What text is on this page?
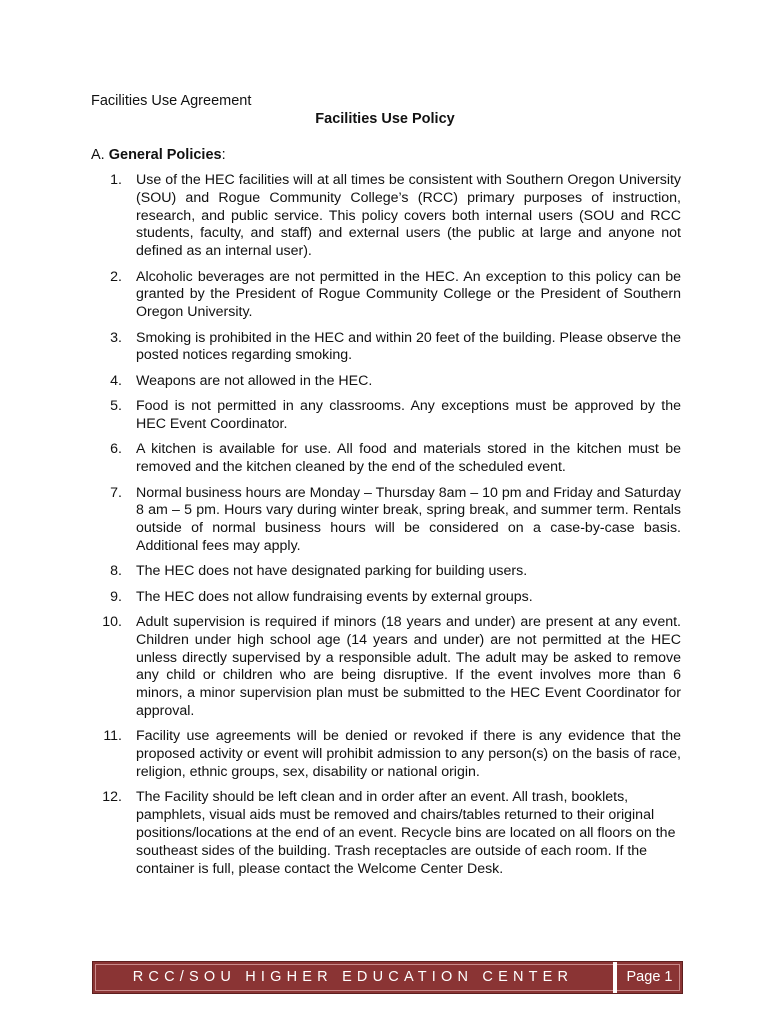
Facilities Use Agreement
Facilities Use Policy
A. General Policies:
1. Use of the HEC facilities will at all times be consistent with Southern Oregon University (SOU) and Rogue Community College’s (RCC) primary purposes of instruction, research, and public service. This policy covers both internal users (SOU and RCC students, faculty, and staff) and external users (the public at large and anyone not defined as an internal user).
2. Alcoholic beverages are not permitted in the HEC. An exception to this policy can be granted by the President of Rogue Community College or the President of Southern Oregon University.
3. Smoking is prohibited in the HEC and within 20 feet of the building. Please observe the posted notices regarding smoking.
4. Weapons are not allowed in the HEC.
5. Food is not permitted in any classrooms. Any exceptions must be approved by the HEC Event Coordinator.
6. A kitchen is available for use. All food and materials stored in the kitchen must be removed and the kitchen cleaned by the end of the scheduled event.
7. Normal business hours are Monday – Thursday 8am – 10 pm and Friday and Saturday 8 am – 5 pm. Hours vary during winter break, spring break, and summer term. Rentals outside of normal business hours will be considered on a case-by-case basis. Additional fees may apply.
8. The HEC does not have designated parking for building users.
9. The HEC does not allow fundraising events by external groups.
10. Adult supervision is required if minors (18 years and under) are present at any event. Children under high school age (14 years and under) are not permitted at the HEC unless directly supervised by a responsible adult. The adult may be asked to remove any child or children who are being disruptive. If the event involves more than 6 minors, a minor supervision plan must be submitted to the HEC Event Coordinator for approval.
11. Facility use agreements will be denied or revoked if there is any evidence that the proposed activity or event will prohibit admission to any person(s) on the basis of race, religion, ethnic groups, sex, disability or national origin.
12. The Facility should be left clean and in order after an event. All trash, booklets, pamphlets, visual aids must be removed and chairs/tables returned to their original positions/locations at the end of an event. Recycle bins are located on all floors on the southeast sides of the building. Trash receptacles are outside of each room. If the container is full, please contact the Welcome Center Desk.
RCC/SOU HIGHER EDUCATION CENTER	Page 1
